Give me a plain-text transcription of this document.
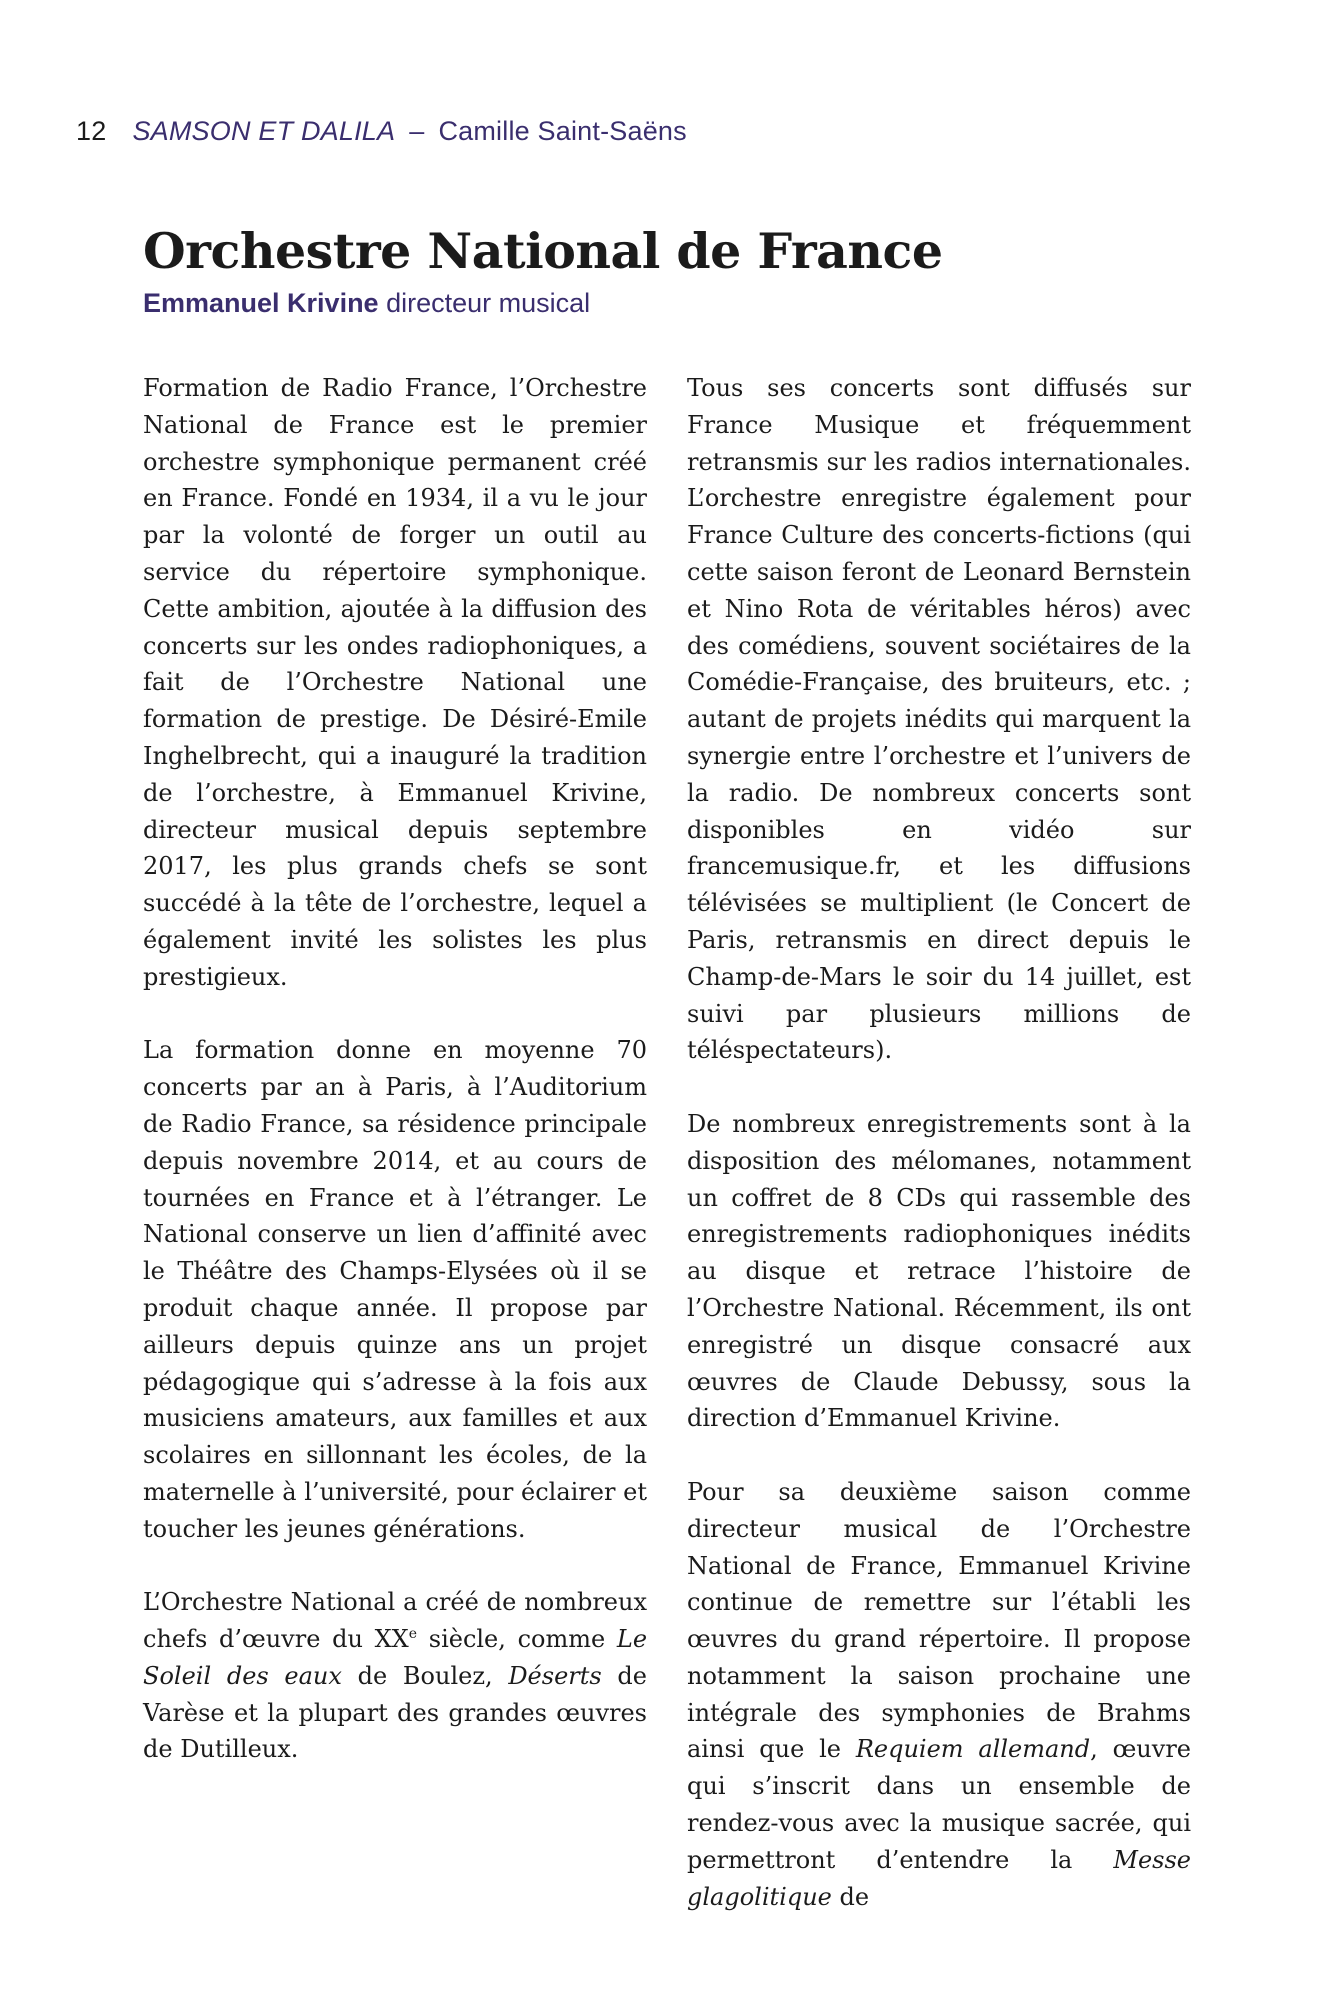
12 SAMSON ET DALILA – Camille Saint-Saëns
Orchestre National de France
Emmanuel Krivine directeur musical

Formation de Radio France, l’Orchestre National de France est le premier orchestre symphonique permanent créé en France. Fondé en 1934, il a vu le jour par la volonté de forger un outil au service du répertoire symphonique. Cette ambition, ajoutée à la diffusion des concerts sur les ondes radiophoniques, a fait de l’Orchestre National une formation de prestige. De Désiré-Emile Inghelbrecht, qui a inauguré la tradition de l’orchestre, à Emmanuel Krivine, directeur musical depuis septembre 2017, les plus grands chefs se sont succédé à la tête de l’orchestre, lequel a également invité les solistes les plus prestigieux.

La formation donne en moyenne 70 concerts par an à Paris, à l’Auditorium de Radio France, sa résidence principale depuis novembre 2014, et au cours de tournées en France et à l’étranger. Le National conserve un lien d’affinité avec le Théâtre des Champs-Elysées où il se produit chaque année. Il propose par ailleurs depuis quinze ans un projet pédagogique qui s’adresse à la fois aux musiciens amateurs, aux familles et aux scolaires en sillonnant les écoles, de la maternelle à l’université, pour éclairer et toucher les jeunes générations.

L’Orchestre National a créé de nombreux chefs d’œuvre du XXe siècle, comme Le Soleil des eaux de Boulez, Déserts de Varèse et la plupart des grandes œuvres de Dutilleux.

Tous ses concerts sont diffusés sur France Musique et fréquemment retransmis sur les radios internationales. L’orchestre enregistre également pour France Culture des concerts-fictions (qui cette saison feront de Leonard Bernstein et Nino Rota de véritables héros) avec des comédiens, souvent sociétaires de la Comédie-Française, des bruiteurs, etc. ; autant de projets inédits qui marquent la synergie entre l’orchestre et l’univers de la radio. De nombreux concerts sont disponibles en vidéo sur francemusique.fr, et les diffusions télévisées se multiplient (le Concert de Paris, retransmis en direct depuis le Champ-de-Mars le soir du 14 juillet, est suivi par plusieurs millions de téléspectateurs).

De nombreux enregistrements sont à la disposition des mélomanes, notamment un coffret de 8 CDs qui rassemble des enregistrements radiophoniques inédits au disque et retrace l’histoire de l’Orchestre National. Récemment, ils ont enregistré un disque consacré aux œuvres de Claude Debussy, sous la direction d’Emmanuel Krivine.

Pour sa deuxième saison comme directeur musical de l’Orchestre National de France, Emmanuel Krivine continue de remettre sur l’établi les œuvres du grand répertoire. Il propose notamment la saison prochaine une intégrale des symphonies de Brahms ainsi que le Requiem allemand, œuvre qui s’inscrit dans un ensemble de rendez-vous avec la musique sacrée, qui permettront d’entendre la Messe glagolitique de
